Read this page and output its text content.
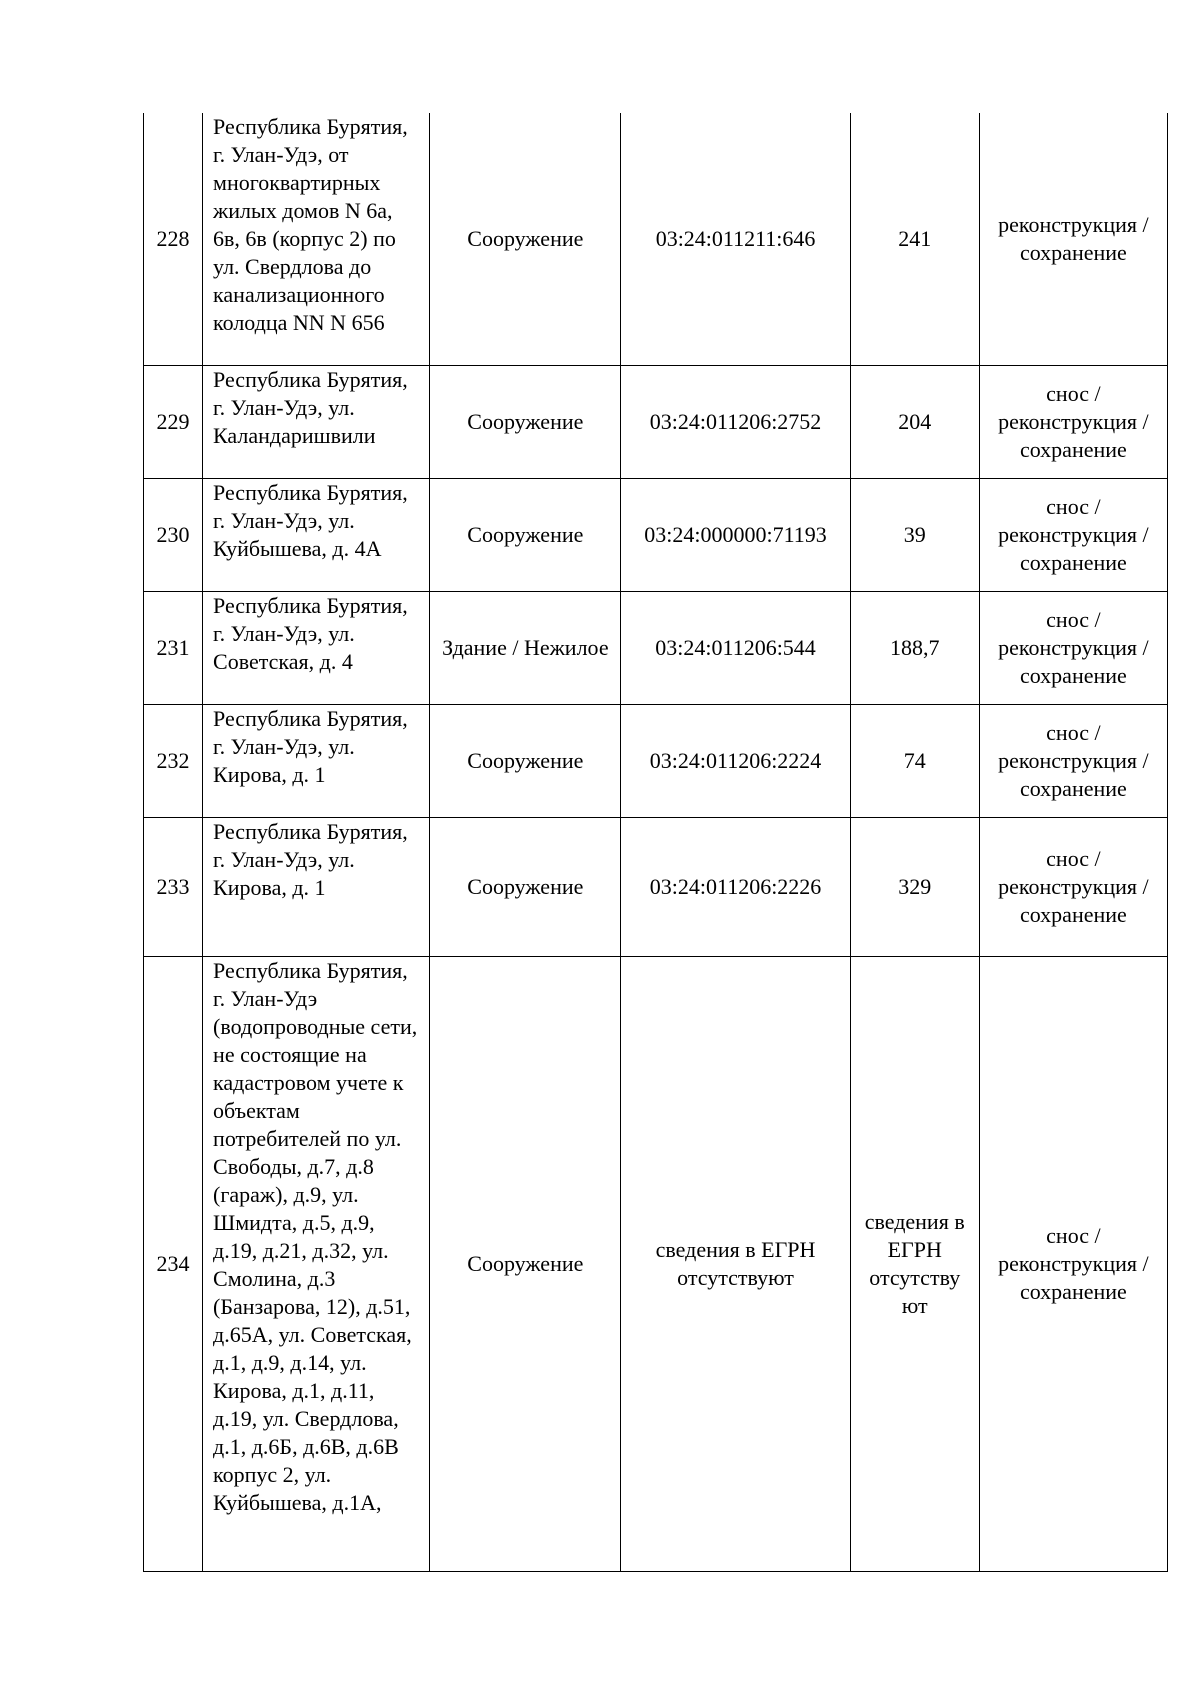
228	Республика Бурятия, г. Улан-Удэ, от многоквартирных жилых домов N 6а, 6в, 6в (корпус 2) по ул. Свердлова до канализационного колодца NN N 656	Сооружение	03:24:011211:646	241	реконструкция / сохранение
229	Республика Бурятия, г. Улан-Удэ, ул. Каландаришвили	Сооружение	03:24:011206:2752	204	снос / реконструкция / сохранение
230	Республика Бурятия, г. Улан-Удэ, ул. Куйбышева, д. 4А	Сооружение	03:24:000000:71193	39	снос / реконструкция / сохранение
231	Республика Бурятия, г. Улан-Удэ, ул. Советская, д. 4	Здание / Нежилое	03:24:011206:544	188,7	снос / реконструкция / сохранение
232	Республика Бурятия, г. Улан-Удэ, ул. Кирова, д. 1	Сооружение	03:24:011206:2224	74	снос / реконструкция / сохранение
233	Республика Бурятия, г. Улан-Удэ, ул. Кирова, д. 1	Сооружение	03:24:011206:2226	329	снос / реконструкция / сохранение
234	Республика Бурятия, г. Улан-Удэ (водопроводные сети, не состоящие на кадастровом учете к объектам потребителей по ул. Свободы, д.7, д.8 (гараж), д.9, ул. Шмидта, д.5, д.9, д.19, д.21, д.32, ул. Смолина, д.3 (Банзарова, 12), д.51, д.65А, ул. Советская, д.1, д.9, д.14, ул. Кирова, д.1, д.11, д.19, ул. Свердлова, д.1, д.6Б, д.6В, д.6В корпус 2, ул. Куйбышева, д.1А,	Сооружение	сведения в ЕГРН отсутствуют	сведения в ЕГРН отсутству ют	снос / реконструкция / сохранение
